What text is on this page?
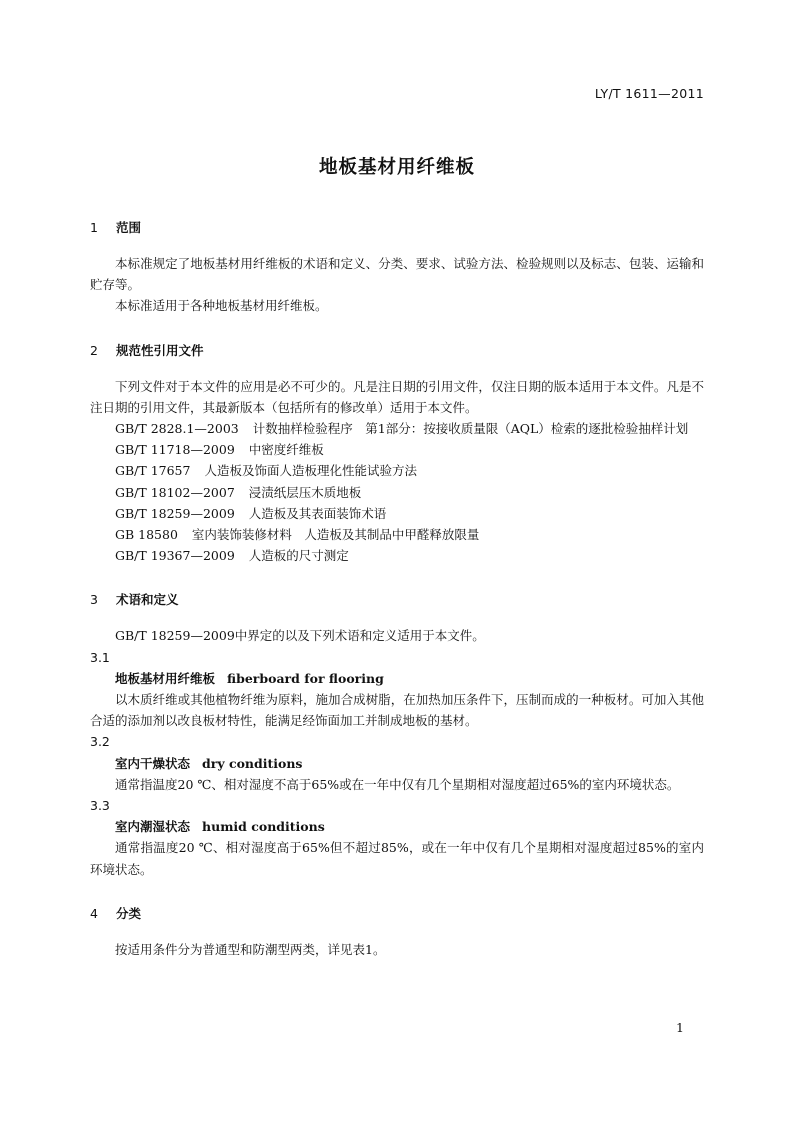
LY/T 1611—2011
地板基材用纤维板

1 范围

本标准规定了地板基材用纤维板的术语和定义、分类、要求、试验方法、检验规则以及标志、包装、运输和贮存等。

本标准适用于各种地板基材用纤维板。

2 规范性引用文件

下列文件对于本文件的应用是必不可少的。凡是注日期的引用文件，仅注日期的版本适用于本文件。凡是不注日期的引用文件，其最新版本（包括所有的修改单）适用于本文件。

GB/T 2828.1—2003 计数抽样检验程序　第1部分：按接收质量限（AQL）检索的逐批检验抽样计划

GB/T 11718—2009 中密度纤维板

GB/T 17657 人造板及饰面人造板理化性能试验方法

GB/T 18102—2007 浸渍纸层压木质地板

GB/T 18259—2009 人造板及其表面装饰术语

GB 18580 室内装饰装修材料　人造板及其制品中甲醛释放限量

GB/T 19367—2009 人造板的尺寸测定

3 术语和定义

GB/T 18259—2009中界定的以及下列术语和定义适用于本文件。

3.1

地板基材用纤维板 fiberboard for flooring

以木质纤维或其他植物纤维为原料，施加合成树脂，在加热加压条件下，压制而成的一种板材。可加入其他合适的添加剂以改良板材特性，能满足经饰面加工并制成地板的基材。

3.2

室内干燥状态 dry conditions

通常指温度20 ℃、相对湿度不高于65%或在一年中仅有几个星期相对湿度超过65%的室内环境状态。

3.3

室内潮湿状态 humid conditions

通常指温度20 ℃、相对湿度高于65%但不超过85%，或在一年中仅有几个星期相对湿度超过85%的室内环境状态。

4 分类

按适用条件分为普通型和防潮型两类，详见表1。

1
